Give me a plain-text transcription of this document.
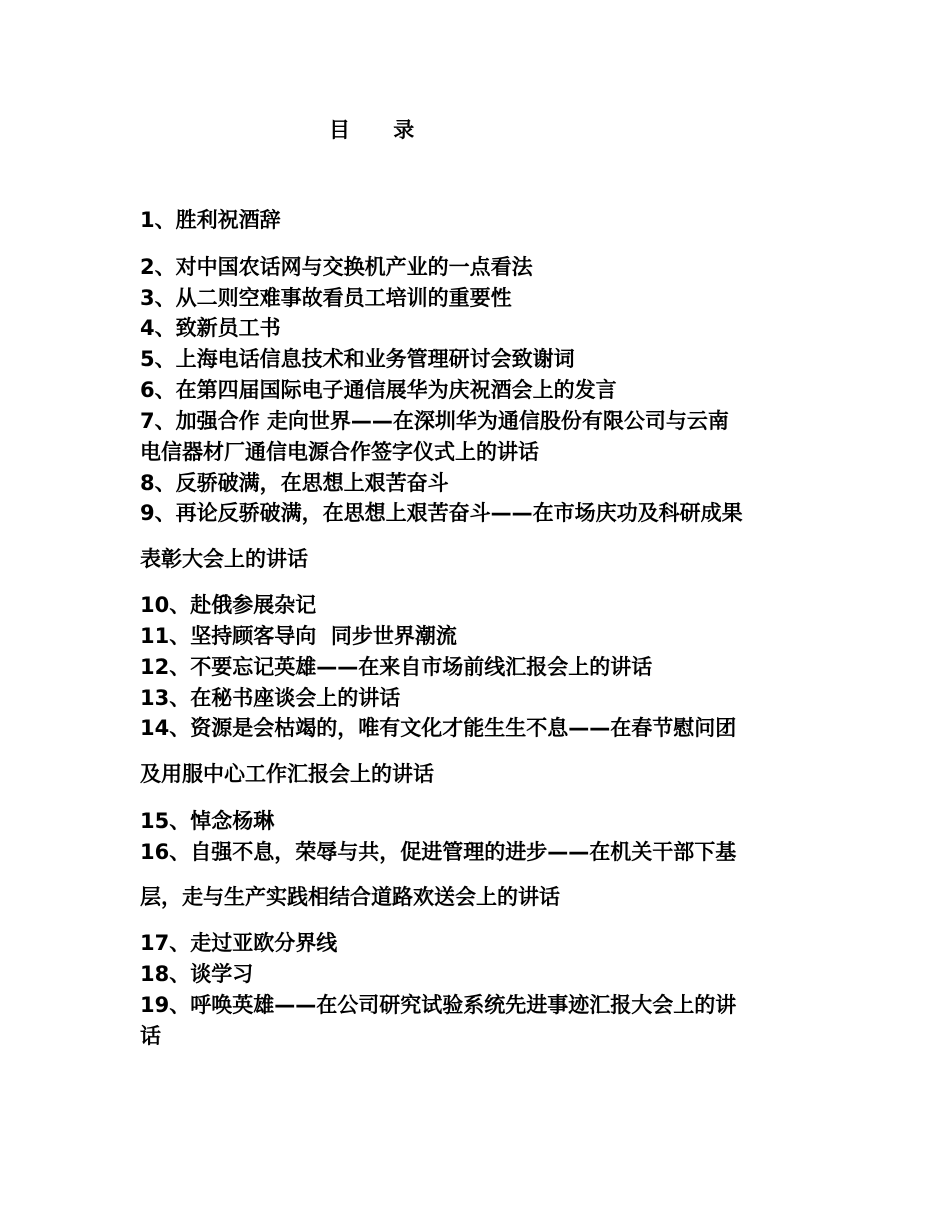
目 录
1、胜利祝酒辞
2、对中国农话网与交换机产业的一点看法
3、从二则空难事故看员工培训的重要性
4、致新员工书
5、上海电话信息技术和业务管理研讨会致谢词
6、在第四届国际电子通信展华为庆祝酒会上的发言
7、加强合作 走向世界——在深圳华为通信股份有限公司与云南
电信器材厂通信电源合作签字仪式上的讲话
8、反骄破满，在思想上艰苦奋斗
9、再论反骄破满，在思想上艰苦奋斗——在市场庆功及科研成果
表彰大会上的讲话
10、赴俄参展杂记
11、坚持顾客导向  同步世界潮流
12、不要忘记英雄——在来自市场前线汇报会上的讲话
13、在秘书座谈会上的讲话
14、资源是会枯竭的，唯有文化才能生生不息——在春节慰问团
及用服中心工作汇报会上的讲话
15、悼念杨琳
16、自强不息，荣辱与共，促进管理的进步——在机关干部下基
层，走与生产实践相结合道路欢送会上的讲话
17、走过亚欧分界线
18、谈学习
19、呼唤英雄——在公司研究试验系统先进事迹汇报大会上的讲
话
